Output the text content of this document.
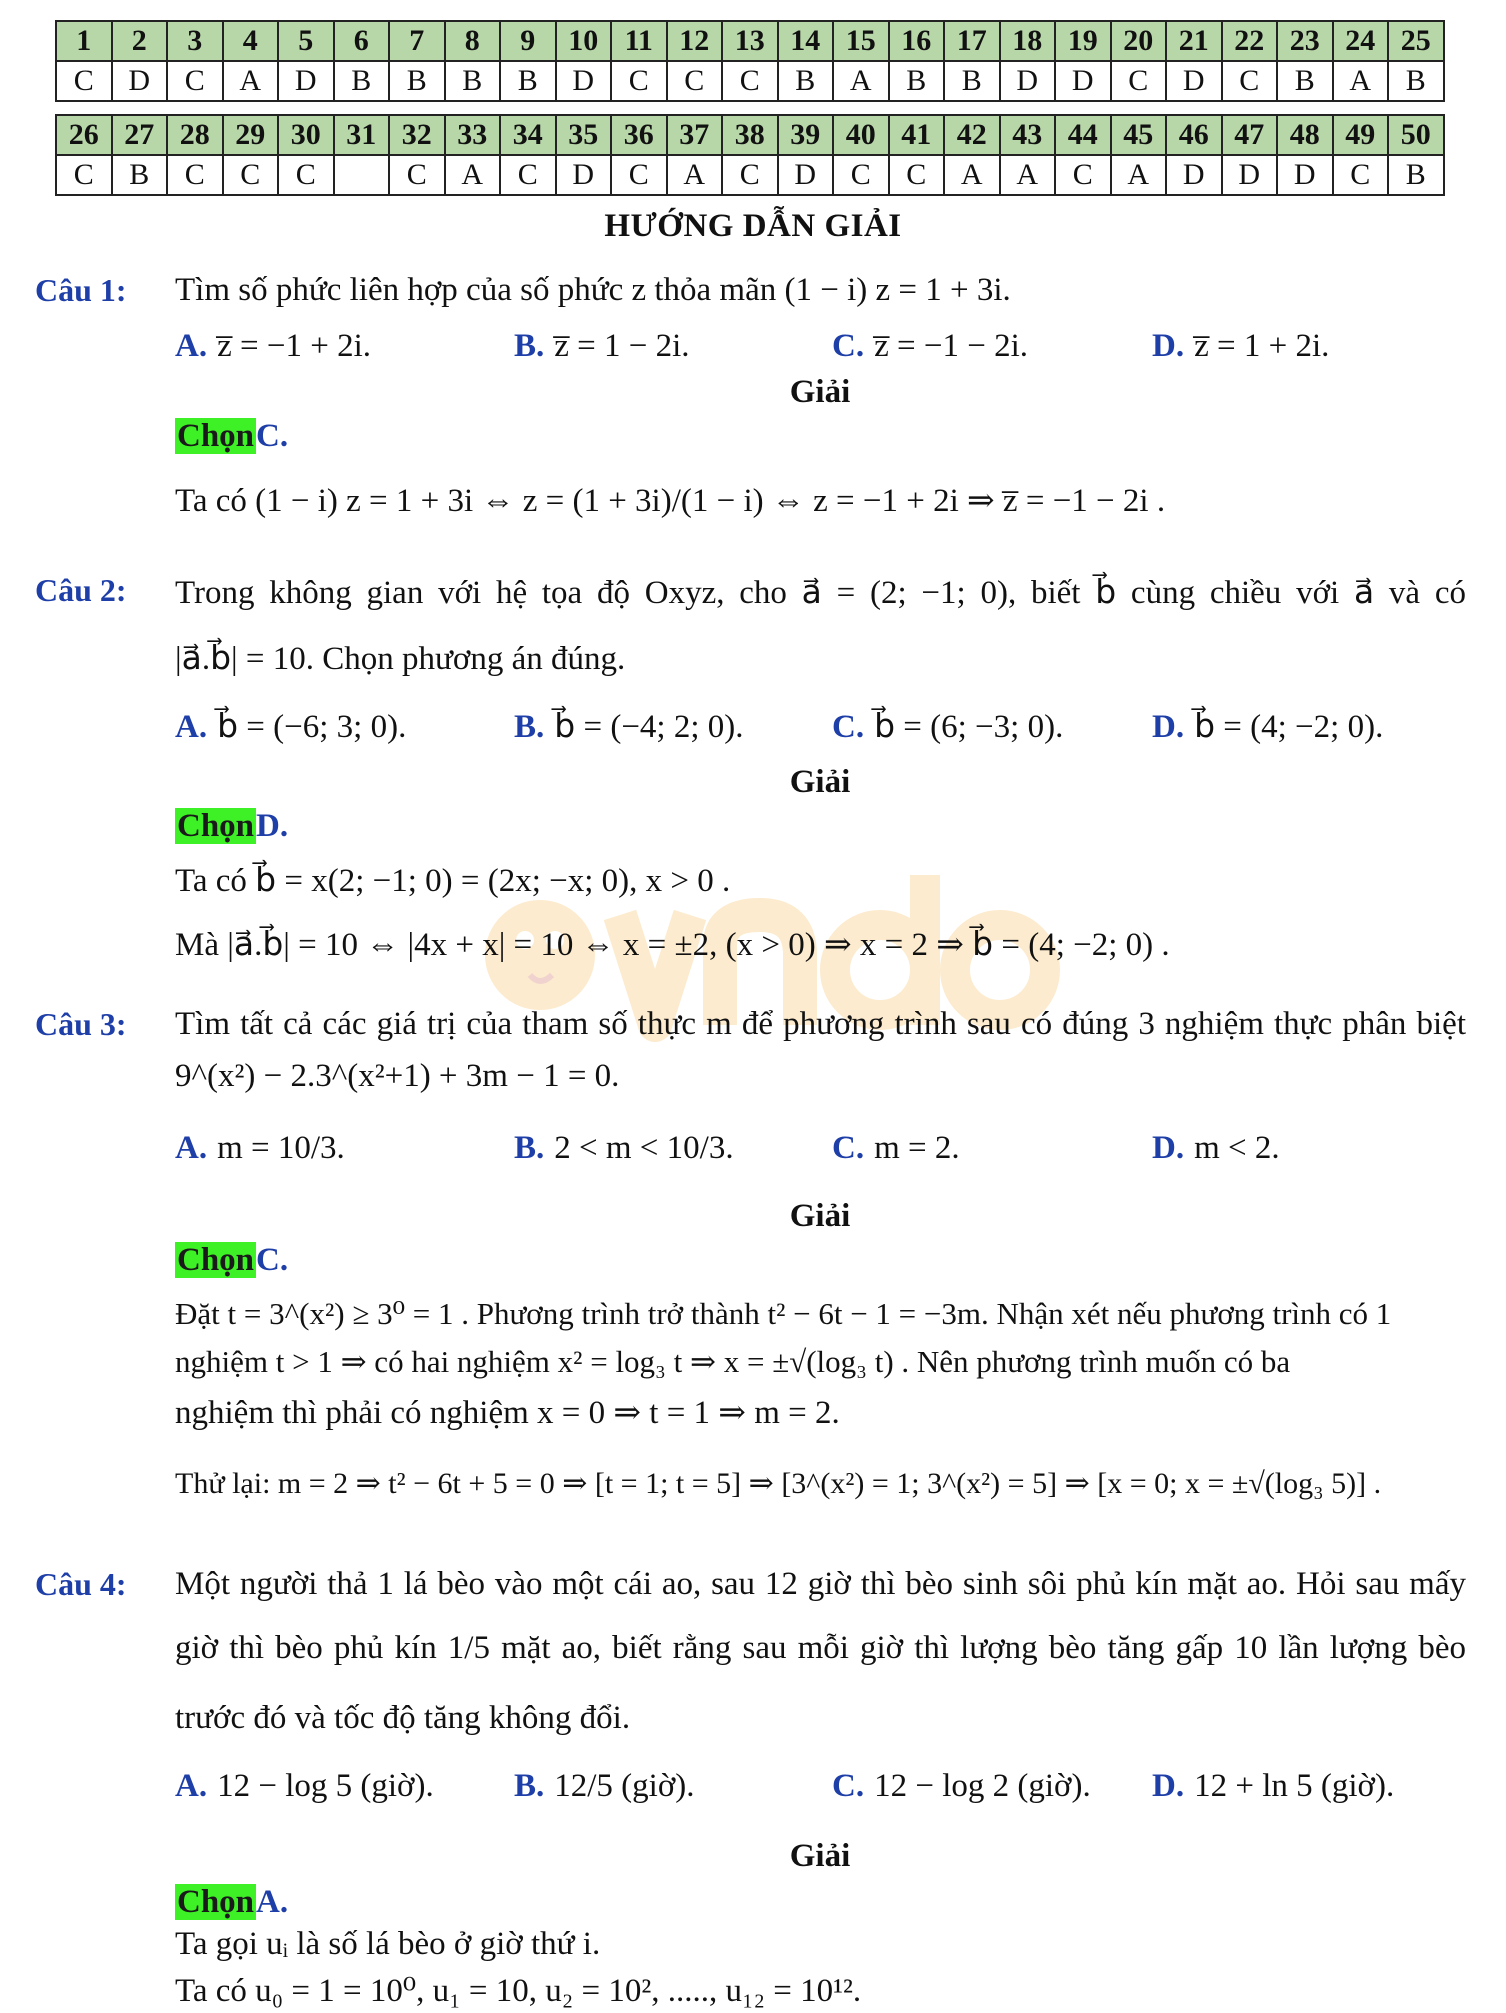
1	2	3	4	5	6	7	8	9	10	11	12	13	14	15	16	17	18	19	20	21	22	23	24	25
C	D	C	A	D	B	B	B	B	D	C	C	C	B	A	B	B	D	D	C	D	C	B	A	B
26	27	28	29	30	31	32	33	34	35	36	37	38	39	40	41	42	43	44	45	46	47	48	49	50
C	B	C	C	C		C	A	C	D	C	A	C	D	C	C	A	A	C	A	D	D	D	C	B
HƯỚNG DẪN GIẢI
Câu 1: Tìm số phức liên hợp của số phức z thỏa mãn (1 − i) z = 1 + 3i.
A. z̅ = −1 + 2i.	B. z̅ = 1 − 2i.	C. z̅ = −1 − 2i.	D. z̅ = 1 + 2i.
Giải
ChọnC.
Ta có (1 − i) z = 1 + 3i ⇔ z = (1 + 3i)/(1 − i) ⇔ z = −1 + 2i ⇒ z̅ = −1 − 2i .
Câu 2: Trong không gian với hệ tọa độ Oxyz, cho a⃗ = (2; −1; 0), biết b⃗ cùng chiều với a⃗ và có
|a⃗.b⃗| = 10. Chọn phương án đúng.
A. b⃗ = (−6; 3; 0).	B. b⃗ = (−4; 2; 0).	C. b⃗ = (6; −3; 0).	D. b⃗ = (4; −2; 0).
Giải
ChọnD.
Ta có b⃗ = x(2; −1; 0) = (2x; −x; 0), x > 0 .
Mà |a⃗.b⃗| = 10 ⇔ |4x + x| = 10 ⇔ x = ±2, (x > 0) ⇒ x = 2 ⇒ b⃗ = (4; −2; 0) .
Câu 3: Tìm tất cả các giá trị của tham số thực m để phương trình sau có đúng 3 nghiệm thực phân biệt
9^(x²) − 2.3^(x²+1) + 3m − 1 = 0.
A. m = 10/3.	B. 2 < m < 10/3.	C. m = 2.	D. m < 2.
Giải
ChọnC.
Đặt t = 3^(x²) ≥ 3⁰ = 1 . Phương trình trở thành t² − 6t − 1 = −3m. Nhận xét nếu phương trình có 1
nghiệm t > 1 ⇒ có hai nghiệm x² = log₃ t ⇒ x = ±√(log₃ t) . Nên phương trình muốn có ba
nghiệm thì phải có nghiệm x = 0 ⇒ t = 1 ⇒ m = 2.
Thử lại: m = 2 ⇒ t² − 6t + 5 = 0 ⇒ [t = 1; t = 5] ⇒ [3^(x²) = 1; 3^(x²) = 5] ⇒ [x = 0; x = ±√(log₃ 5)] .
Câu 4: Một người thả 1 lá bèo vào một cái ao, sau 12 giờ thì bèo sinh sôi phủ kín mặt ao. Hỏi sau mấy
giờ thì bèo phủ kín 1/5 mặt ao, biết rằng sau mỗi giờ thì lượng bèo tăng gấp 10 lần lượng bèo
trước đó và tốc độ tăng không đổi.
A. 12 − log 5 (giờ). B. 12/5 (giờ).	C. 12 − log 2 (giờ). D. 12 + ln 5 (giờ).
Giải
ChọnA.
Ta gọi uᵢ là số lá bèo ở giờ thứ i.
Ta có u₀ = 1 = 10⁰, u₁ = 10, u₂ = 10², ....., u₁₂ = 10¹².
